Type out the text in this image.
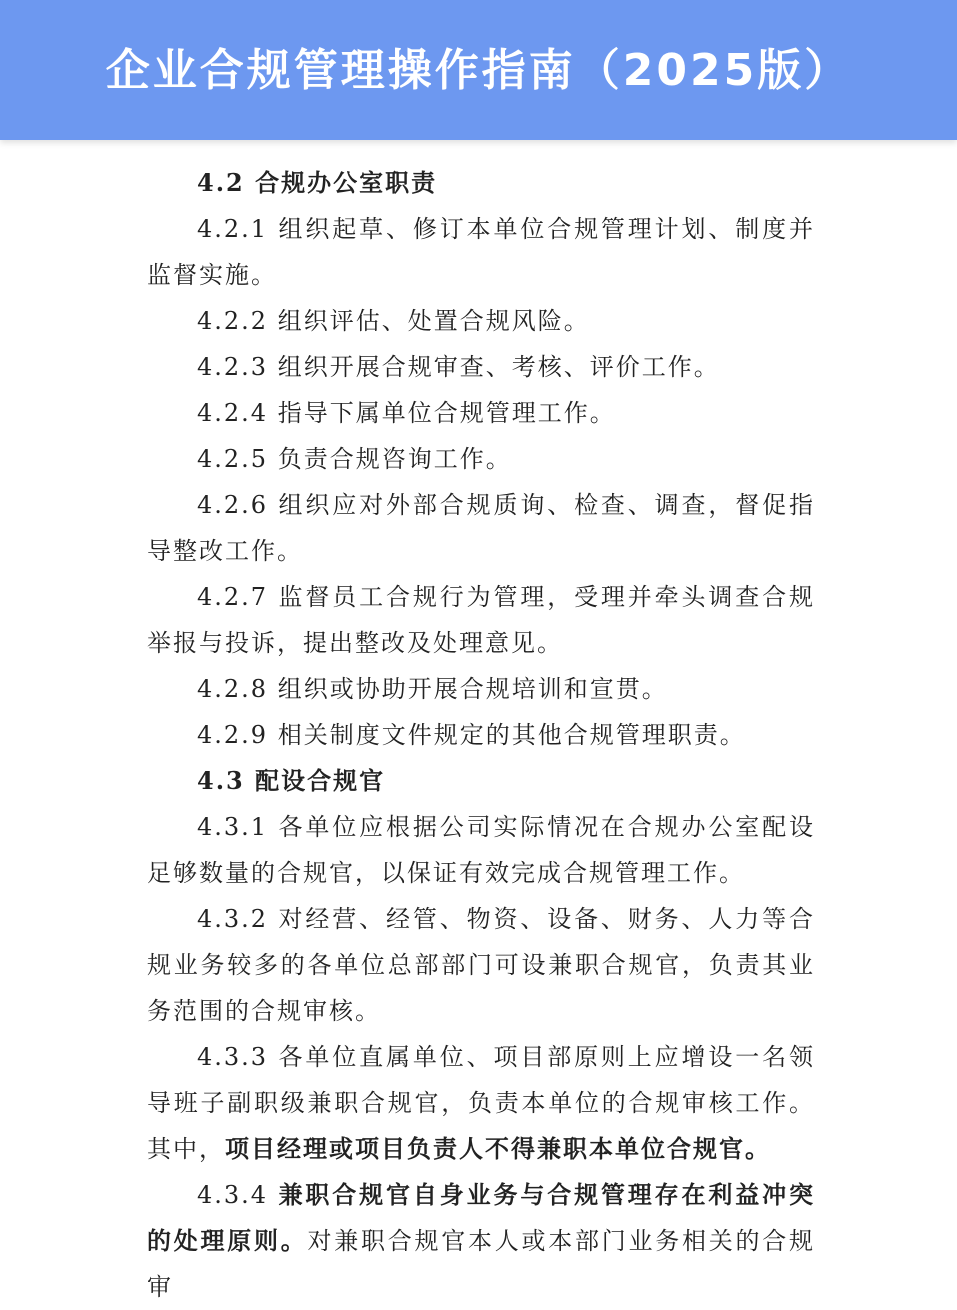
企业合规管理操作指南（2025版）

4.2 合规办公室职责

4.2.1 组织起草、修订本单位合规管理计划、制度并监督实施。

4.2.2 组织评估、处置合规风险。

4.2.3 组织开展合规审查、考核、评价工作。

4.2.4 指导下属单位合规管理工作。

4.2.5 负责合规咨询工作。

4.2.6 组织应对外部合规质询、检查、调查，督促指导整改工作。

4.2.7 监督员工合规行为管理，受理并牵头调查合规举报与投诉，提出整改及处理意见。

4.2.8 组织或协助开展合规培训和宣贯。

4.2.9 相关制度文件规定的其他合规管理职责。

4.3 配设合规官

4.3.1 各单位应根据公司实际情况在合规办公室配设足够数量的合规官，以保证有效完成合规管理工作。

4.3.2 对经营、经管、物资、设备、财务、人力等合规业务较多的各单位总部部门可设兼职合规官，负责其业务范围的合规审核。

4.3.3 各单位直属单位、项目部原则上应增设一名领导班子副职级兼职合规官，负责本单位的合规审核工作。其中，项目经理或项目负责人不得兼职本单位合规官。

4.3.4 兼职合规官自身业务与合规管理存在利益冲突的处理原则。对兼职合规官本人或本部门业务相关的合规审
